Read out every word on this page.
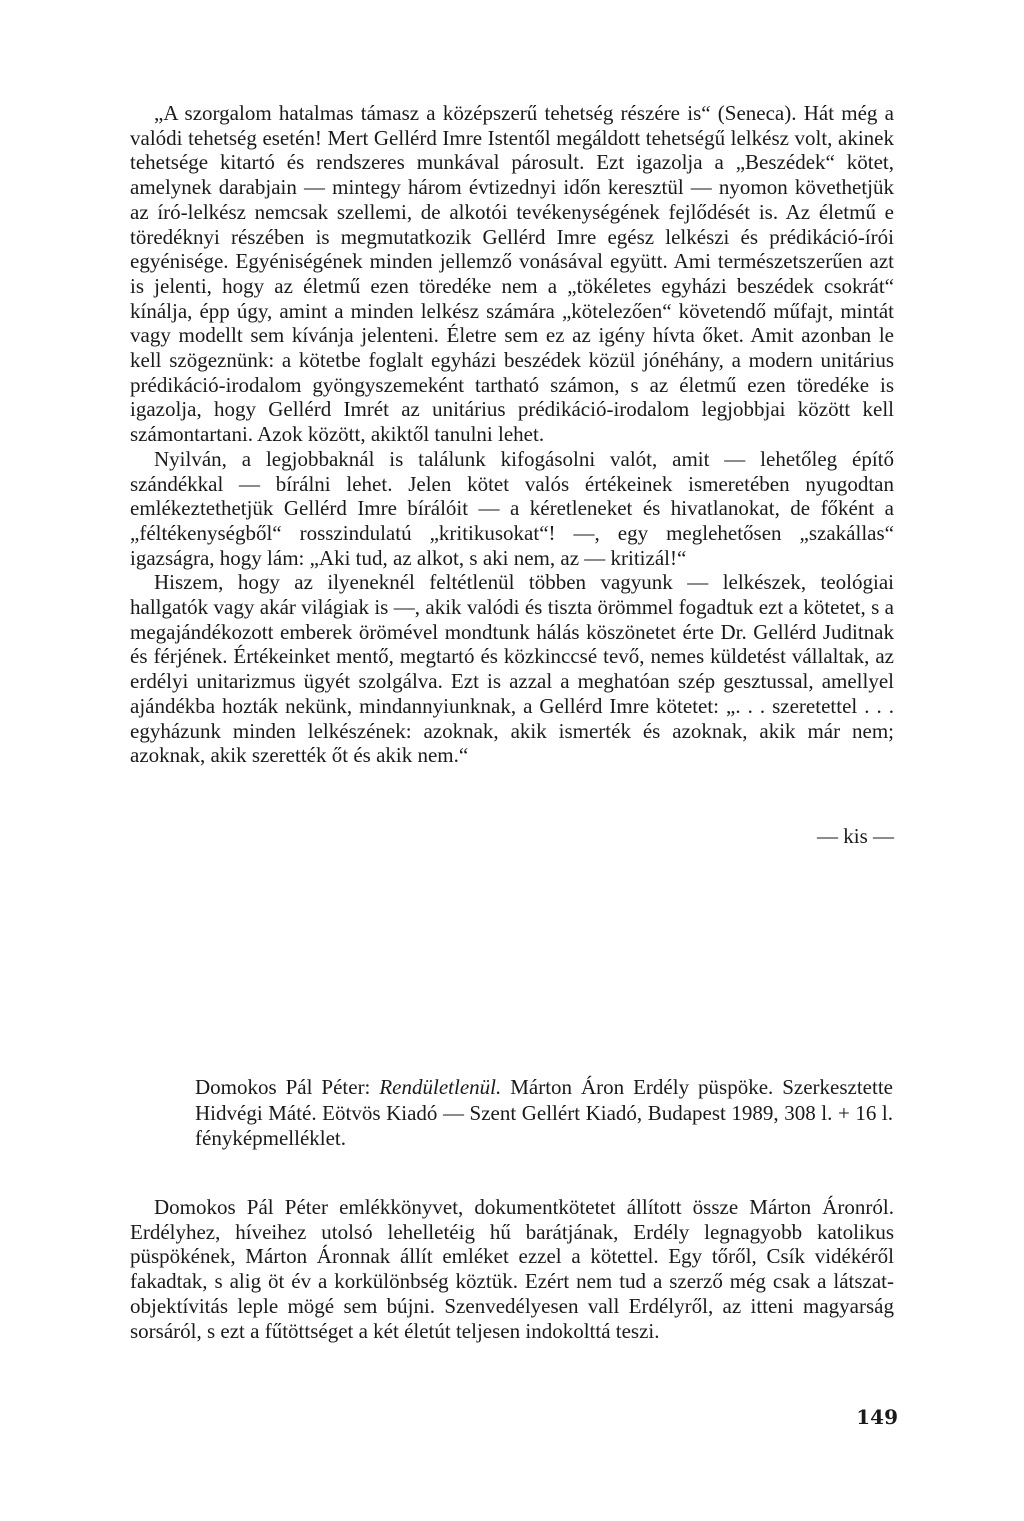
„A szorgalom hatalmas támasz a középszerű tehetség részére is“ (Seneca). Hát még a valódi tehetség esetén! Mert Gellérd Imre Istentől megáldott tehetségű lelkész volt, akinek tehetsége kitartó és rendszeres munkával párosult. Ezt igazolja a „Beszédek“ kötet, amelynek darabjain — mintegy három évtizednyi időn keresztül — nyomon követhetjük az író-lelkész nemcsak szellemi, de alkotói tevékenységének fejlődését is. Az életmű e töredéknyi részében is megmutatkozik Gellérd Imre egész lelkészi és prédikáció-írói egyénisége. Egyéniségének minden jellemző vonásával együtt. Ami természetszerűen azt is jelenti, hogy az életmű ezen töredéke nem a „tökéletes egyházi beszédek csokrát“ kínálja, épp úgy, amint a minden lelkész számára „kötelezően“ követendő műfajt, mintát vagy modellt sem kívánja jelenteni. Életre sem ez az igény hívta őket. Amit azonban le kell szögeznünk: a kötetbe foglalt egyházi beszédek közül jónéhány, a modern unitárius prédikáció-irodalom gyöngyszemeként tartható számon, s az életmű ezen töredéke is igazolja, hogy Gellérd Imrét az unitárius prédikáció-irodalom legjobbjai között kell számontartani. Azok között, akiktől tanulni lehet.

Nyilván, a legjobbaknál is találunk kifogásolni valót, amit — lehetőleg építő szándékkal — bírálni lehet. Jelen kötet valós értékeinek ismeretében nyugodtan emlékeztethetjük Gellérd Imre bírálóit — a kéretleneket és hivatlanokat, de főként a „féltékenységből“ rosszindulatú „kritikusokat“! —, egy meglehetősen „szakállas“ igazságra, hogy lám: „Aki tud, az alkot, s aki nem, az — kritizál!“

Hiszem, hogy az ilyeneknél feltétlenül többen vagyunk — lelkészek, teológiai hallgatók vagy akár világiak is —, akik valódi és tiszta örömmel fogadtuk ezt a kötetet, s a megajándékozott emberek örömével mondtunk hálás köszönetet érte Dr. Gellérd Juditnak és férjének. Értékeinket mentő, megtartó és közkinccsé tevő, nemes küldetést vállaltak, az erdélyi unitarizmus ügyét szolgálva. Ezt is azzal a meghatóan szép gesztussal, amellyel ajándékba hozták nekünk, mindannyiunknak, a Gellérd Imre kötetet: „. . . szeretettel . . . egyházunk minden lelkészének: azoknak, akik ismerték és azoknak, akik már nem; azoknak, akik szerették őt és akik nem.“

— kis —
Domokos Pál Péter: Rendületlenül. Márton Áron Erdély püspöke. Szerkesztette Hidvégi Máté. Eötvös Kiadó — Szent Gellért Kiadó, Budapest 1989, 308 l. + 16 l. fényképmelléklet.

Domokos Pál Péter emlékkönyvet, dokumentkötetet állított össze Márton Áronról. Erdélyhez, híveihez utolsó lehelletéig hű barátjának, Erdély legnagyobb katolikus püspökének, Márton Áronnak állít emléket ezzel a kötettel. Egy tőről, Csík vidékéről fakadtak, s alig öt év a korkülönbség köztük. Ezért nem tud a szerző még csak a látszat-objektívitás leple mögé sem bújni. Szenvedélyesen vall Erdélyről, az itteni magyarság sorsáról, s ezt a fűtöttséget a két életút teljesen indokolttá teszi.

149
